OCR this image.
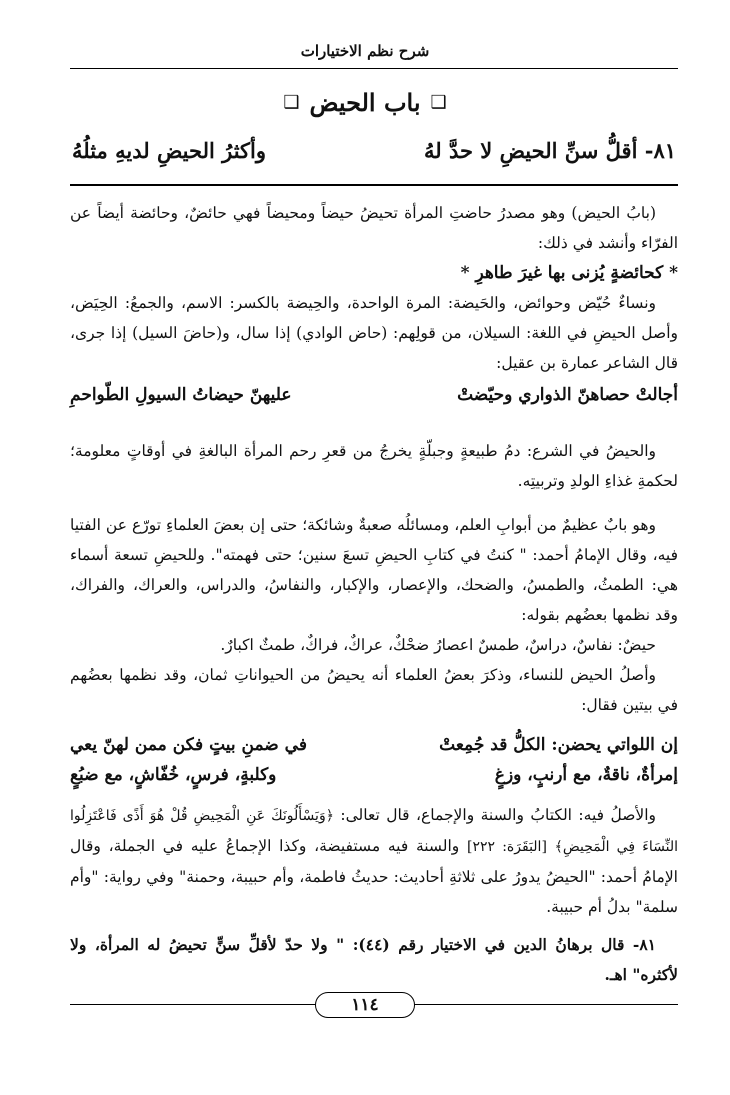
شرح نظم الاختيارات
❑
باب الحيض
❑
٨١- أقلُّ سنِّ الحيضِ لا حدَّ لهُ
وأكثرُ الحيضِ لديهِ مثلُهُ

(بابُ الحيض) وهو مصدرُ حاضتِ المرأة تحيضُ حيضاً ومحيضاً فهي حائضٌ، وحائضة أيضاً عن الفرّاء وأنشد في ذلك:

* كحائضةٍ يُزنى بها غيرَ طاهرِ *

ونساءٌ حُيّض وحوائض، والحَيضة: المرة الواحدة، والحِيضة بالكسر: الاسم، والجمعُ: الحِيَض، وأصل الحيضِ في اللغة: السيلان، من قولِهم: (حاض الوادي) إذا سال، و(حاضَ السيل) إذا جرى، قال الشاعر عمارة بن عقيل:

أجالتْ حصاهنّ الذواري وحيّضتْ
عليهنّ حيضاتُ السيولِ الطّواحمِ

والحيضُ في الشرع: دمُ طبيعةٍ وجبلّةٍ يخرجُ من قعرِ رحم المرأة البالغةِ في أوقاتٍ معلومة؛ لحكمةِ غذاءِ الولدِ وتربيتِه.

وهو بابٌ عظيمٌ من أبوابِ العلم، ومسائلُه صعبةٌ وشائكة؛ حتى إن بعضَ العلماءِ تورّع عن الفتيا فيه، وقال الإمامُ أحمد: " كنتُ في كتابِ الحيضِ تسعَ سنين؛ حتى فهمته". وللحيضِ تسعة أسماء هي: الطمثُ، والطمسُ، والضحك، والإعصار، والإكبار، والنفاسُ، والدراس، والعراك، والفراك، وقد نظمها بعضُهم بقوله:

حيضٌ: نفاسٌ، دراسٌ، طمسٌ اعصارُ ضحْكٌ، عراكٌ، فراكٌ، طمثٌ اكبارٌ.

وأصلُ الحيض للنساء، وذكرَ بعضُ العلماء أنه يحيضُ من الحيواناتِ ثمان، وقد نظمها بعضُهم في بيتين فقال:

إن اللواتي يحضن: الكلُّ قد جُمِعتْ
في ضمنِ بيتٍ فكن ممن لهنّ يعي
إمرأةٌ، ناقةٌ، مع أرنبٍ، وزغٍ
وكلبةٍ، فرسٍ، خُفّاشٍ، مع ضبُعٍ

والأصلُ فيه: الكتابُ والسنة والإجماع، قال تعالى: ﴿وَيَسْأَلُونَكَ عَنِ الْمَحِيضِ قُلْ هُوَ أَذًى فَاعْتَزِلُوا النِّسَاءَ فِي الْمَحِيضِ﴾ [البَقَرَة: ٢٢٢] والسنة فيه مستفيضة، وكذا الإجماعُ عليه في الجملة، وقال الإمامُ أحمد: "الحيضُ يدورُ على ثلاثةِ أحاديث: حديثُ فاطمة، وأم حبيبة، وحمنة" وفي رواية: "وأم سلمة" بدلُ أم حبيبة.

٨١- قال برهانُ الدين في الاختيار رقم (٤٤): " ولا حدّ لأقلِّ سنٍّ تحيضُ له المرأة، ولا لأكثره" اهـ.

١١٤
